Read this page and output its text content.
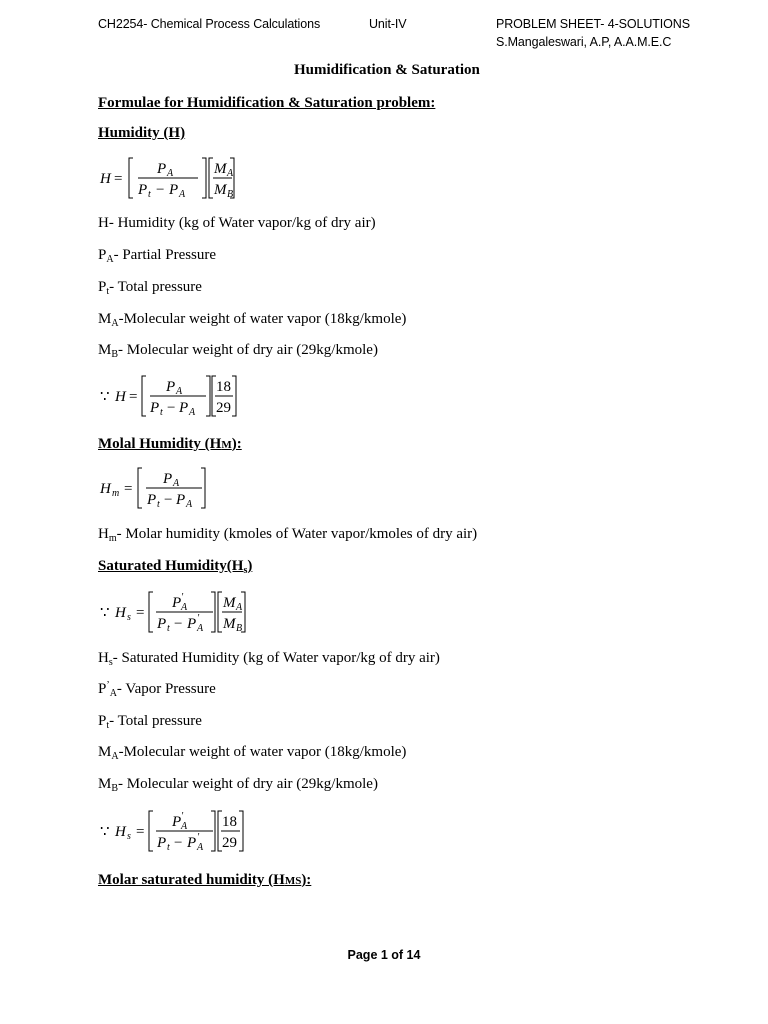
CH2254- Chemical Process Calculations	Unit-IV	PROBLEM SHEET- 4-SOLUTIONS
S.Mangaleswari, A.P, A.A.M.E.C
Humidification & Saturation
Formulae for Humidification & Saturation problem:
Humidity (H)
H =
P A
P t − P A
M A
M B
H- Humidity (kg of Water vapor/kg of dry air)
$P_A-$ Partial Pressure
$P_t-$ Total pressure
$M_A$-Molecular weight of water vapor (18kg/kmole)
$M_B-$ Molecular weight of dry air (29kg/kmole)
∵ H =
P A
P t − P A
18
29
Molal Humidity (HM):
H m =
P A
P t − P A
$H_m-$ Molar humidity (kmoles of Water vapor/kmoles of dry air)
Saturated $Humidity(H_s)$
∵ H s =
P '
A
P t − P '
A
M A
M B
$H_s-$ Saturated Humidity (kg of Water vapor/kg of dry air)
$P^’_A-$ Vapor Pressure
$P_t-$ Total pressure
$M_A$-Molecular weight of water vapor (18kg/kmole)
$M_B-$ Molecular weight of dry air (29kg/kmole)
∵ H s =
P '
A
P t − P '
A
18
29
Molar saturated humidity (HMS):
Page 1 of 14
